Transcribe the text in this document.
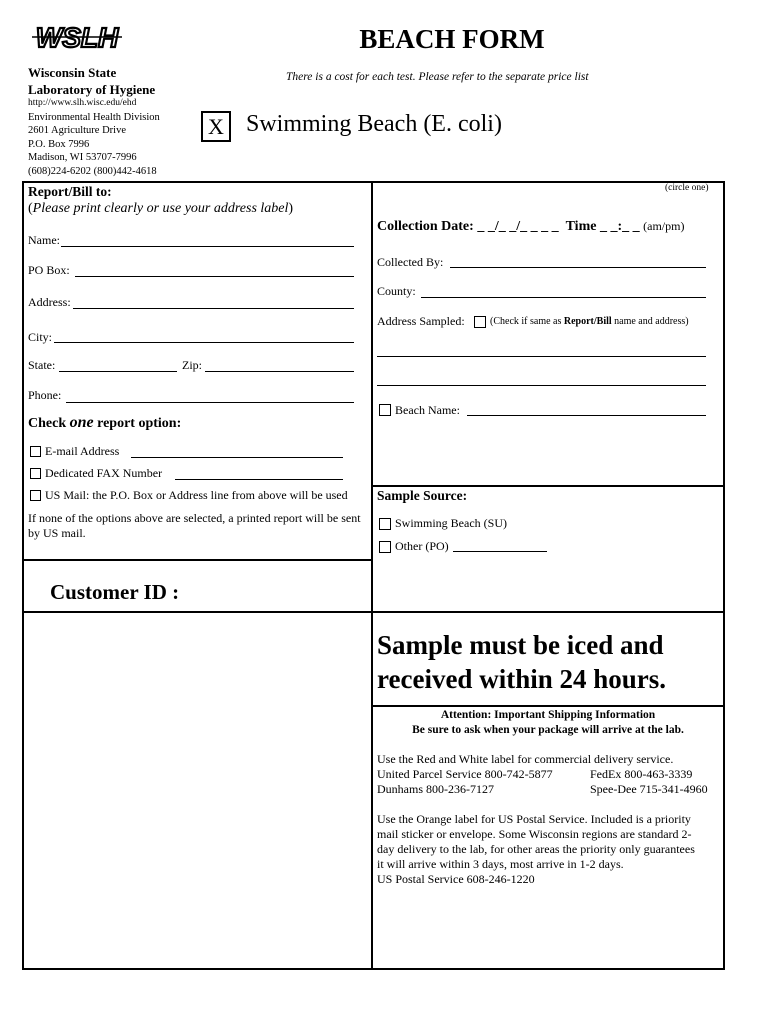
WSLH	BEACH FORM
Wisconsin State
Laboratory of Hygiene
http://www.slh.wisc.edu/ehd
Environmental Health Division
2601 Agriculture Drive
P.O. Box 7996
Madison, WI 53707-7996
(608)224-6202 (800)442-4618
There is a cost for each test. Please refer to the separate price list
X Swimming Beach (E. coli)
Report/Bill to:
(Please print clearly or use your address label)
Name:
PO Box:
Address:
City:
State:	Zip:
Phone:
Check one report option:
E-mail Address
Dedicated FAX Number
US Mail: the P.O. Box or Address line from above will be used
If none of the options above are selected, a printed report will be sent by US mail.
(circle one)
Collection Date: _ _/_ _/_ _ _ _ Time _ _:_ _ (am/pm)
Collected By:
County:
Address Sampled:	(Check if same as Report/Bill name and address)
Beach Name:
Sample Source:
Swimming Beach (SU)
Other (PO)
Customer ID :
Sample must be iced and
received within 24 hours.
Attention: Important Shipping Information
Be sure to ask when your package will arrive at the lab.
Use the Red and White label for commercial delivery service.
United Parcel Service 800-742-5877	FedEx 800-463-3339
Dunhams 800-236-7127	Spee-Dee 715-341-4960
Use the Orange label for US Postal Service. Included is a priority
mail sticker or envelope. Some Wisconsin regions are standard 2-
day delivery to the lab, for other areas the priority only guarantees
it will arrive within 3 days, most arrive in 1-2 days.
US Postal Service 608-246-1220
